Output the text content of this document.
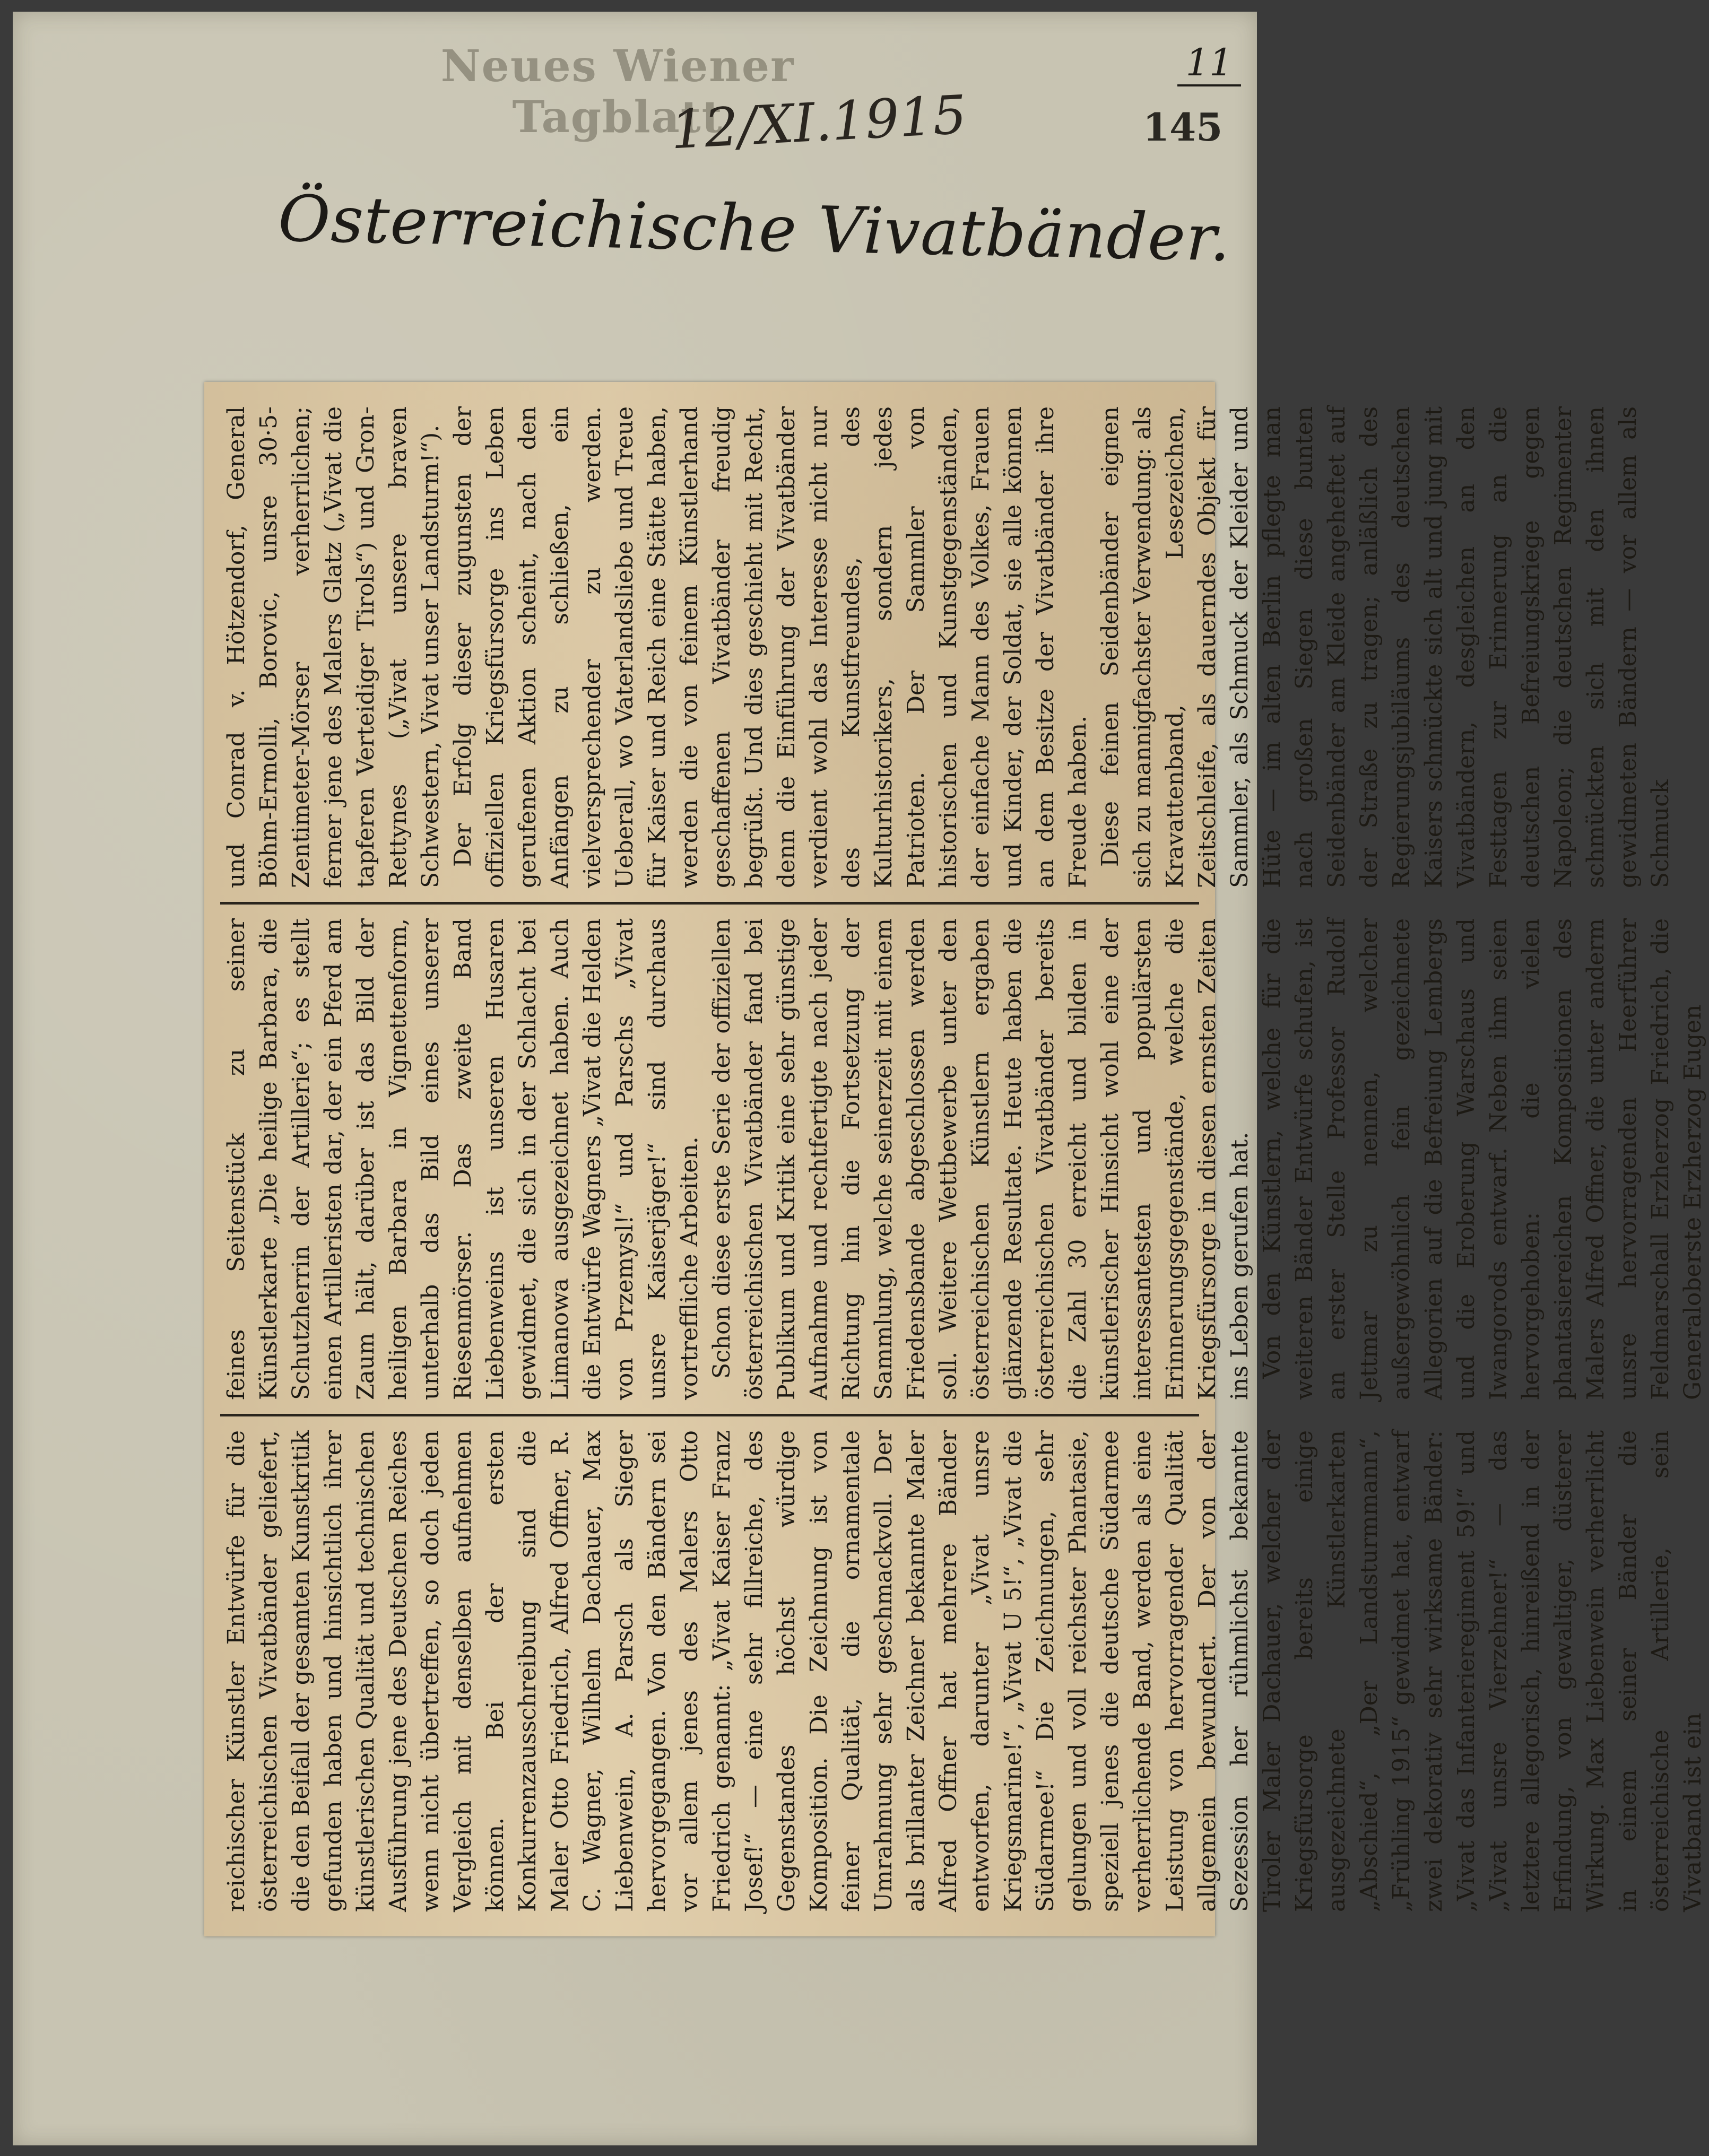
Neues Wiener Tagblatt
12/XI.1915
11
145
Österreichische Vivatbänder.

reichischer Künstler Entwürfe für die österreichischen Vivatbänder geliefert, die den Beifall der gesamten Kunstkritik gefunden haben und hinsichtlich ihrer künstlerischen Qualität und technischen Ausführung jene des Deutschen Reiches wenn nicht übertreffen, so doch jeden Vergleich mit denselben aufnehmen können. Bei der ersten Konkurrenzausschreibung sind die Maler Otto Friedrich, Alfred Offner, R. C. Wagner, Wilhelm Dachauer, Max Liebenwein, A. Parsch als Sieger hervorgegangen. Von den Bändern sei vor allem jenes des Malers Otto Friedrich genannt: „Vivat Kaiser Franz Josef!“ — eine sehr fillreiche, des Gegenstandes höchst würdige Komposition. Die Zeichnung ist von feiner Qualität, die ornamentale Umrahmung sehr geschmackvoll. Der als brillanter Zeichner bekannte Maler Alfred Offner hat mehrere Bänder entworfen, darunter „Vivat unsre Kriegsmarine!“, „Vivat U 5!“, „Vivat die Südarmee!“ Die Zeichnungen, sehr gelungen und voll reichster Phantasie, speziell jenes die deutsche Südarmee verherrlichende Band, werden als eine Leistung von hervorragender Qualität allgemein bewundert. Der von der Sezession her rühmlichst bekannte Tiroler Maler Dachauer, welcher der Kriegsfürsorge bereits einige ausgezeichnete Künstlerkarten „Abschied“, „Der Landsturmmann“, „Frühling 1915“ gewidmet hat, entwarf zwei dekorativ sehr wirksame Bänder: „Vivat das Infanterieregiment 59!“ und „Vivat unsre Vierzehner!“ — das letztere allegorisch, hinreißend in der Erfindung, von gewaltiger, düsterer Wirkung. Max Liebenwein verherrlicht in einem seiner Bänder die österreichische Artillerie, sein Vivatband ist ein

feines Seitenstück zu seiner Künstlerkarte „Die heilige Barbara, die Schutzherrin der Artillerie“; es stellt einen Artilleristen dar, der ein Pferd am Zaum hält, darüber ist das Bild der heiligen Barbara in Vignettenform, unterhalb das Bild eines unserer Riesenmörser. Das zweite Band Liebenweins ist unseren Husaren gewidmet, die sich in der Schlacht bei Limanowa ausgezeichnet haben. Auch die Entwürfe Wagners „Vivat die Helden von Przemysl!“ und Parschs „Vivat unsre Kaiserjäger!“ sind durchaus vortreffliche Arbeiten. Schon diese erste Serie der offiziellen österreichischen Vivatbänder fand bei Publikum und Kritik eine sehr günstige Aufnahme und rechtfertigte nach jeder Richtung hin die Fortsetzung der Sammlung, welche seinerzeit mit einem Friedensbande abgeschlossen werden soll. Weitere Wettbewerbe unter den österreichischen Künstlern ergaben glänzende Resultate. Heute haben die österreichischen Vivatbänder bereits die Zahl 30 erreicht und bilden in künstlerischer Hinsicht wohl eine der interessantesten und populärsten Erinnerungsgegenstände, welche die Kriegsfürsorge in diesen ernsten Zeiten ins Leben gerufen hat. Von den Künstlern, welche für die weiteren Bänder Entwürfe schufen, ist an erster Stelle Professor Rudolf Jettmar zu nennen, welcher außergewöhnlich fein gezeichnete Allegorien auf die Befreiung Lembergs und die Eroberung Warschaus und Iwangorods entwarf. Neben ihm seien hervorgehoben: die vielen phantasiereichen Kompositionen des Malers Alfred Offner, die unter anderm unsre hervorragenden Heerführer Feldmarschall Erzherzog Friedrich, die Generaloberste Erzherzog Eugen

und Conrad v. Hötzendorf, General Böhm-Ermolli, Borovic, unsre 30·5-Zentimeter-Mörser verherrlichen; ferner jene des Malers Glatz („Vivat die tapferen Verteidiger Tirols“) und Gron-Rettynes („Vivat unsere braven Schwestern, Vivat unser Landsturm!“). Der Erfolg dieser zugunsten der offiziellen Kriegsfürsorge ins Leben gerufenen Aktion scheint, nach den Anfängen zu schließen, ein vielversprechender zu werden. Ueberall, wo Vaterlandsliebe und Treue für Kaiser und Reich eine Stätte haben, werden die von feinem Künstlerhand geschaffenen Vivatbänder freudig begrüßt. Und dies geschieht mit Recht, denn die Einführung der Vivatbänder verdient wohl das Interesse nicht nur des Kunstfreundes, des Kulturhistorikers, sondern jedes Patrioten. Der Sammler von historischen und Kunstgegenständen, der einfache Mann des Volkes, Frauen und Kinder, der Soldat, sie alle können an dem Besitze der Vivatbänder ihre Freude haben. Diese feinen Seidenbänder eignen sich zu mannigfachster Verwendung: als Kravattenband, Lesezeichen, Zeitschleife, als dauerndes Objekt für Sammler, als Schmuck der Kleider und Hüte — im alten Berlin pflegte man nach großen Siegen diese bunten Seidenbänder am Kleide angeheftet auf der Straße zu tragen; anläßlich des Regierungsjubiläums des deutschen Kaisers schmückte sich alt und jung mit Vivatbändern, desgleichen an den Festtagen zur Erinnerung an die deutschen Befreiungskriege gegen Napoleon; die deutschen Regimenter schmückten sich mit den ihnen gewidmeten Bändern — vor allem als Schmuck
